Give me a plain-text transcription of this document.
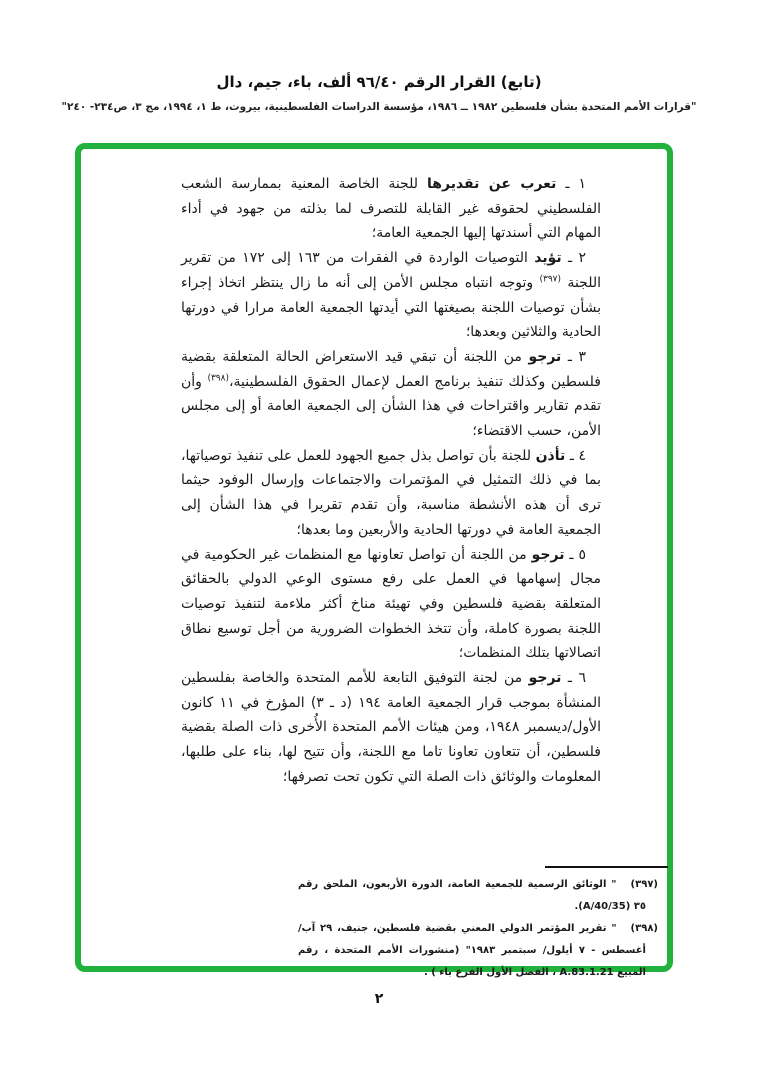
(تابع) القرار الرقم ٩٦/٤٠ ألف، باء، جيم، دال
"قرارات الأمم المتحدة بشأن فلسطين ١٩٨٢ ــ ١٩٨٦، مؤسسة الدراسات الفلسطينية، بيروت، ط ١، ١٩٩٤، مج ٣، ص٢٣٤- ٢٤٠"

١ ـ تعرب عن تقديرها للجنة الخاصة المعنية بممارسة الشعب الفلسطيني لحقوقه غير القابلة للتصرف لما بذلته من جهود في أداء المهام التي أسندتها إليها الجمعية العامة؛

٢ ـ تؤيد التوصيات الواردة في الفقرات من ١٦٣ إلى ١٧٢ من تقرير اللجنة $^{(٣٩٧)}$ وتوجه انتباه مجلس الأمن إلى أنه ما زال ينتظر اتخاذ إجراء بشأن توصيات اللجنة بصيغتها التي أيدتها الجمعية العامة مرارا في دورتها الحادية والثلاثين وبعدها؛

٣ ـ ترجو من اللجنة أن تبقي قيد الاستعراض الحالة المتعلقة بقضية فلسطين وكذلك تنفيذ برنامج العمل لإعمال الحقوق الفلسطينية،$^{(٣٩٨)}$ وأن تقدم تقارير واقتراحات في هذا الشأن إلى الجمعية العامة أو إلى مجلس الأمن، حسب الاقتضاء؛

٤ ـ تأذن للجنة بأن تواصل بذل جميع الجهود للعمل على تنفيذ توصياتها، بما في ذلك التمثيل في المؤتمرات والاجتماعات وإرسال الوفود حيثما ترى أن هذه الأنشطة مناسبة، وأن تقدم تقريرا في هذا الشأن إلى الجمعية العامة في دورتها الحادية والأربعين وما بعدها؛

٥ ـ ترجو من اللجنة أن تواصل تعاونها مع المنظمات غير الحكومية في مجال إسهامها في العمل على رفع مستوى الوعي الدولي بالحقائق المتعلقة بقضية فلسطين وفي تهيئة مناخ أكثر ملاءمة لتنفيذ توصيات اللجنة بصورة كاملة، وأن تتخذ الخطوات الضرورية من أجل توسيع نطاق اتصالاتها بتلك المنظمات؛

٦ ـ ترجو من لجنة التوفيق التابعة للأمم المتحدة والخاصة بفلسطين المنشأة بموجب قرار الجمعية العامة ١٩٤ (د ـ ٣) المؤرخ في ١١ كانون الأول/ديسمبر ١٩٤٨، ومن هيئات الأمم المتحدة الأُخرى ذات الصلة بقضية فلسطين، أن تتعاون تعاونا تاما مع اللجنة، وأن تتيح لها، بناء على طلبها، المعلومات والوثائق ذات الصلة التي تكون تحت تصرفها؛

(٣٩٧)" الوثائق الرسمية للجمعية العامة، الدورة الأربعون، الملحق رقم ٣٥ (A/40/35).

(٣٩٨)" تقرير المؤتمر الدولي المعني بقضية فلسطين، جنيف، ٢٩ آب/أغسطس - ٧ أيلول/ سبتمبر ١٩٨٣" (منشورات الأمم المتحدة ، رقم المبيع A.83.1.21 ، الفصل الأول الفرع باء ) .

٢
